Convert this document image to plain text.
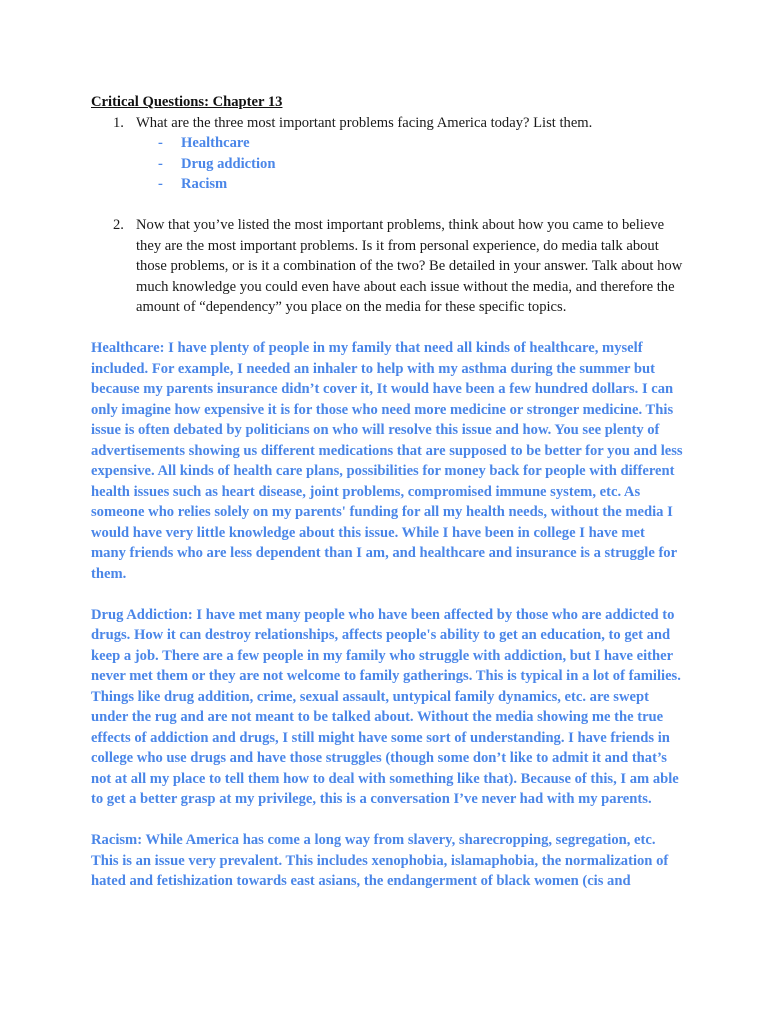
Critical Questions: Chapter 13

1. What are the three most important problems facing America today? List them.
- Healthcare
- Drug addiction
- Racism
2. Now that you’ve listed the most important problems, think about how you came to believe they are the most important problems. Is it from personal experience, do media talk about those problems, or is it a combination of the two? Be detailed in your answer. Talk about how much knowledge you could even have about each issue without the media, and therefore the amount of “dependency” you place on the media for these specific topics.

Healthcare: I have plenty of people in my family that need all kinds of healthcare, myself included. For example, I needed an inhaler to help with my asthma during the summer but because my parents insurance didn’t cover it, It would have been a few hundred dollars. I can only imagine how expensive it is for those who need more medicine or stronger medicine. This issue is often debated by politicians on who will resolve this issue and how. You see plenty of advertisements showing us different medications that are supposed to be better for you and less expensive. All kinds of health care plans, possibilities for money back for people with different health issues such as heart disease, joint problems, compromised immune system, etc. As someone who relies solely on my parents' funding for all my health needs, without the media I would have very little knowledge about this issue. While I have been in college I have met many friends who are less dependent than I am, and healthcare and insurance is a struggle for them.

Drug Addiction: I have met many people who have been affected by those who are addicted to drugs. How it can destroy relationships, affects people's ability to get an education, to get and keep a job. There are a few people in my family who struggle with addiction, but I have either never met them or they are not welcome to family gatherings. This is typical in a lot of families. Things like drug addition, crime, sexual assault, untypical family dynamics, etc. are swept under the rug and are not meant to be talked about. Without the media showing me the true effects of addiction and drugs, I still might have some sort of understanding. I have friends in college who use drugs and have those struggles (though some don’t like to admit it and that’s not at all my place to tell them how to deal with something like that). Because of this, I am able to get a better grasp at my privilege, this is a conversation I’ve never had with my parents.

Racism: While America has come a long way from slavery, sharecropping, segregation, etc. This is an issue very prevalent. This includes xenophobia, islamaphobia, the normalization of hated and fetishization towards east asians, the endangerment of black women (cis and
